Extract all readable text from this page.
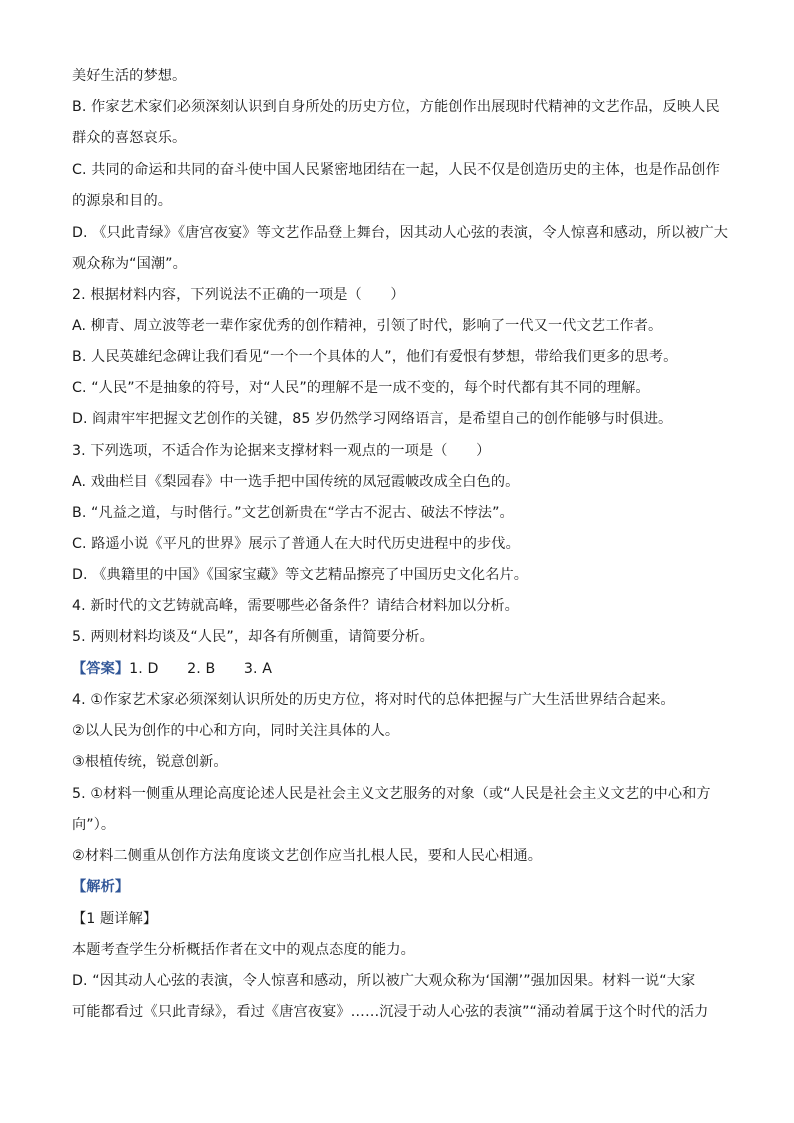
美好生活的梦想。
B. 作家艺术家们必须深刻认识到自身所处的历史方位，方能创作出展现时代精神的文艺作品，反映人民
群众的喜怒哀乐。
C. 共同的命运和共同的奋斗使中国人民紧密地团结在一起，人民不仅是创造历史的主体，也是作品创作
的源泉和目的。
D. 《只此青绿》《唐宫夜宴》等文艺作品登上舞台，因其动人心弦的表演，令人惊喜和感动，所以被广大
观众称为“国潮”。
2. 根据材料内容，下列说法不正确的一项是（　　）
A. 柳青、周立波等老一辈作家优秀的创作精神，引领了时代，影响了一代又一代文艺工作者。
B. 人民英雄纪念碑让我们看见“一个一个具体的人”，他们有爱恨有梦想，带给我们更多的思考。
C. “人民”不是抽象的符号，对“人民”的理解不是一成不变的，每个时代都有其不同的理解。
D. 阎肃牢牢把握文艺创作的关键，85 岁仍然学习网络语言，是希望自己的创作能够与时俱进。
3. 下列选项，不适合作为论据来支撑材料一观点的一项是（　　）
A. 戏曲栏目《梨园春》中一选手把中国传统的凤冠霞帔改成全白色的。
B. “凡益之道，与时偕行。”文艺创新贵在“学古不泥古、破法不悖法”。
C. 路遥小说《平凡的世界》展示了普通人在大时代历史进程中的步伐。
D. 《典籍里的中国》《国家宝藏》等文艺精品擦亮了中国历史文化名片。
4. 新时代的文艺铸就高峰，需要哪些必备条件？请结合材料加以分析。
5. 两则材料均谈及“人民”，却各有所侧重，请简要分析。
【答案】1. D　　2. B　　3. A
4. ①作家艺术家必须深刻认识所处的历史方位，将对时代的总体把握与广大生活世界结合起来。
②以人民为创作的中心和方向，同时关注具体的人。
③根植传统，锐意创新。
5. ①材料一侧重从理论高度论述人民是社会主义文艺服务的对象（或“人民是社会主义文艺的中心和方
向”）。
②材料二侧重从创作方法角度谈文艺创作应当扎根人民，要和人民心相通。
【解析】
【1 题详解】
本题考查学生分析概括作者在文中的观点态度的能力。
D. “因其动人心弦的表演，令人惊喜和感动，所以被广大观众称为‘国潮’”强加因果。材料一说“大家
可能都看过《只此青绿》，看过《唐宫夜宴》……沉浸于动人心弦的表演”“涌动着属于这个时代的活力
